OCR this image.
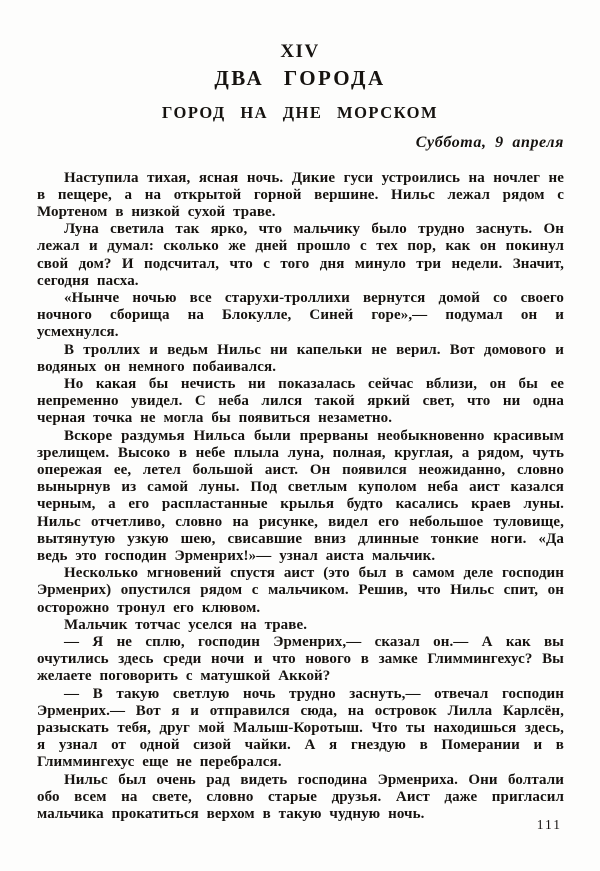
XIV
ДВА ГОРОДА
ГОРОД НА ДНЕ МОРСКОМ
Суббота, 9 апреля

Наступила тихая, ясная ночь. Дикие гуси устроились на ночлег не в пещере, а на открытой горной вершине. Нильс лежал рядом с Мортеном в низкой сухой траве.

Луна светила так ярко, что мальчику было трудно заснуть. Он лежал и думал: сколько же дней прошло с тех пор, как он покинул свой дом? И подсчитал, что с того дня минуло три недели. Значит, сегодня пасха.

«Нынче ночью все старухи-троллихи вернутся домой со своего ночного сборища на Блокулле, Синей горе»,— подумал он и усмехнулся.

В троллих и ведьм Нильс ни капельки не верил. Вот домового и водяных он немного побаивался.

Но какая бы нечисть ни показалась сейчас вблизи, он бы ее непременно увидел. С неба лился такой яркий свет, что ни одна черная точка не могла бы появиться незаметно.

Вскоре раздумья Нильса были прерваны необыкновенно красивым зрелищем. Высоко в небе плыла луна, полная, круглая, а рядом, чуть опережая ее, летел большой аист. Он появился неожиданно, словно вынырнув из самой луны. Под светлым куполом неба аист казался черным, а его распластанные крылья будто касались краев луны. Нильс отчетливо, словно на рисунке, видел его небольшое туловище, вытянутую узкую шею, свисавшие вниз длинные тонкие ноги. «Да ведь это господин Эрменрих!»— узнал аиста мальчик.

Несколько мгновений спустя аист (это был в самом деле господин Эрменрих) опустился рядом с мальчиком. Решив, что Нильс спит, он осторожно тронул его клювом.

Мальчик тотчас уселся на траве.

— Я не сплю, господин Эрменрих,— сказал он.— А как вы очутились здесь среди ночи и что нового в замке Глиммингехус? Вы желаете поговорить с матушкой Аккой?

— В такую светлую ночь трудно заснуть,— отвечал господин Эрменрих.— Вот я и отправился сюда, на островок Лилла Карлсён, разыскать тебя, друг мой Малыш-Коротыш. Что ты находишься здесь, я узнал от одной сизой чайки. А я гнездую в Померании и в Глиммингехус еще не перебрался.

Нильс был очень рад видеть господина Эрменриха. Они болтали обо всем на свете, словно старые друзья. Аист даже пригласил мальчика прокатиться верхом в такую чудную ночь.

111
